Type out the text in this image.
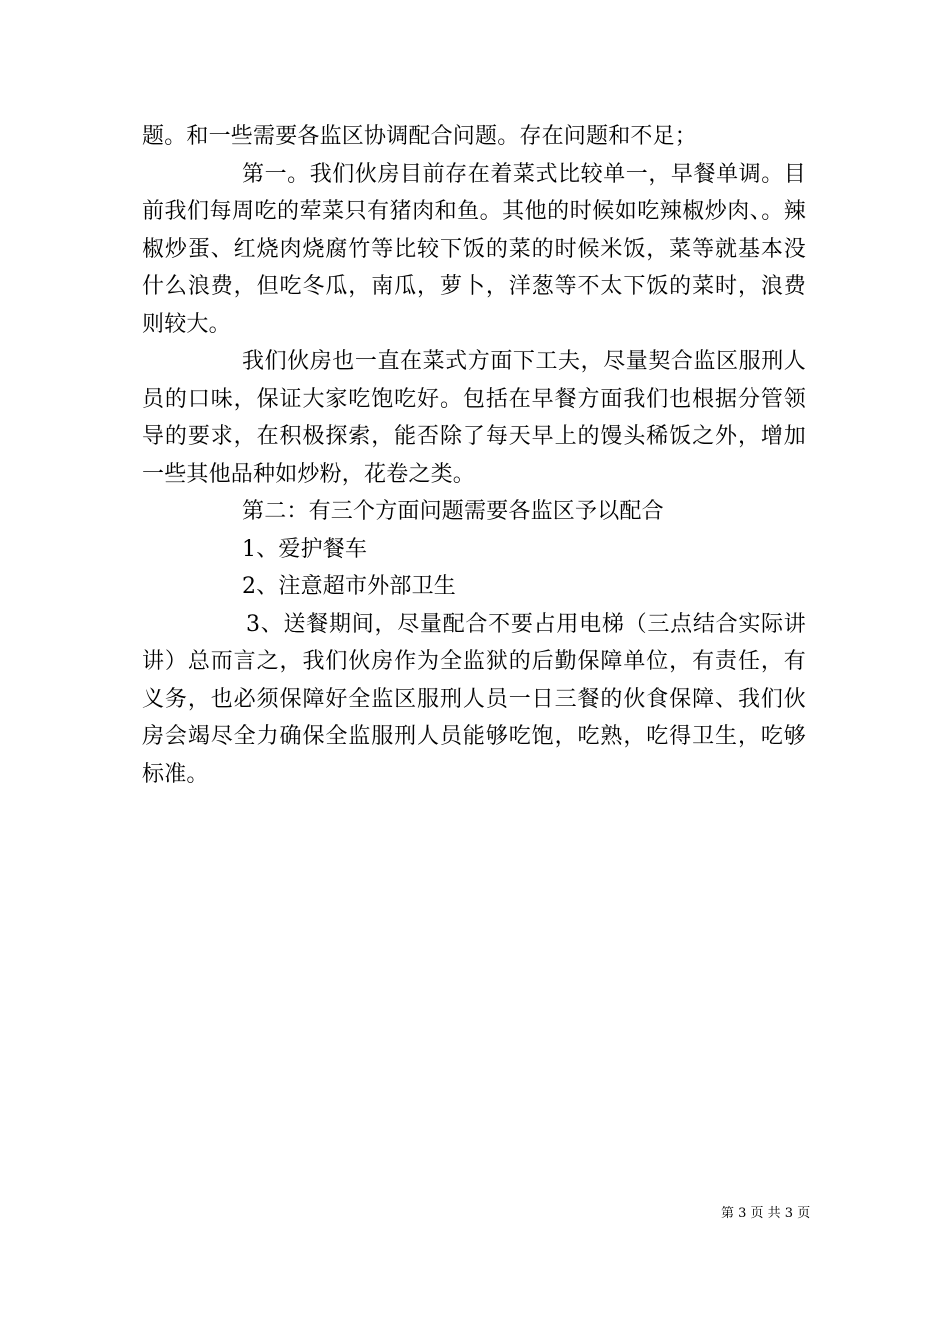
题。和一些需要各监区协调配合问题。存在问题和不足；

第一。我们伙房目前存在着菜式比较单一，早餐单调。目前我们每周吃的荤菜只有猪肉和鱼。其他的时候如吃辣椒炒肉、。辣椒炒蛋、红烧肉烧腐竹等比较下饭的菜的时候米饭，菜等就基本没什么浪费，但吃冬瓜，南瓜，萝卜，洋葱等不太下饭的菜时，浪费则较大。

我们伙房也一直在菜式方面下工夫，尽量契合监区服刑人员的口味，保证大家吃饱吃好。包括在早餐方面我们也根据分管领导的要求，在积极探索，能否除了每天早上的馒头稀饭之外，增加一些其他品种如炒粉，花卷之类。

第二：有三个方面问题需要各监区予以配合

1、爱护餐车

2、注意超市外部卫生

3、送餐期间，尽量配合不要占用电梯（三点结合实际讲讲）总而言之，我们伙房作为全监狱的后勤保障单位，有责任，有义务，也必须保障好全监区服刑人员一日三餐的伙食保障、我们伙房会竭尽全力确保全监服刑人员能够吃饱，吃熟，吃得卫生，吃够标准。

第 3 页 共 3 页
